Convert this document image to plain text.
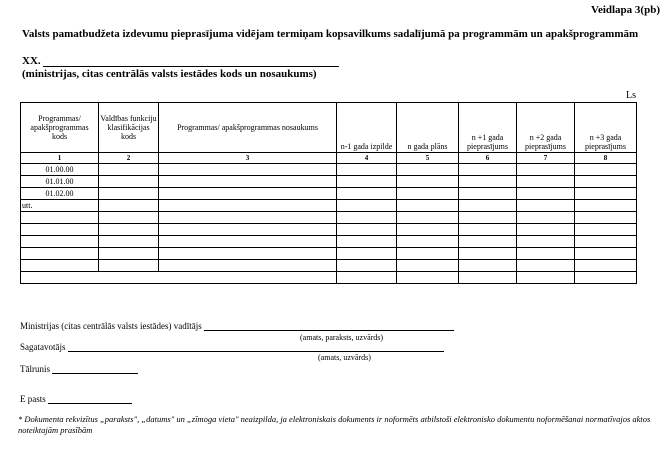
Veidlapa 3(pb)
Valsts pamatbudžeta izdevumu pieprasījuma vidējam termiņam kopsavilkums sadalījumā pa programmām un apakšprogrammām
XX.
(ministrijas, citas centrālās valsts iestādes kods un nosaukums)
Ls
Programmas/ apakšprogrammas kods	Valdības funkciju klasifikācijas kods	Programmas/ apakšprogrammas nosaukums	n-1 gada izpilde	n gada plāns	n +1 gada pieprasījums	n +2 gada pieprasījums	n +3 gada pieprasījums
1	2	3	4	5	6	7	8
01.00.00							
01.01.00							
01.02.00							
utt.							

Ministrijas (citas centrālās valsts iestādes) vadītājs
(amats, paraksts, uzvārds)
Sagatavotājs
(amats, uzvārds)
Tālrunis
E pasts
* Dokumenta rekvizītus „paraksts", „datums" un „zīmoga vieta" neaizpilda, ja elektroniskais dokuments ir noformēts atbilstoši elektronisko dokumentu noformēšanai normatīvajos aktos noteiktajām prasībām
